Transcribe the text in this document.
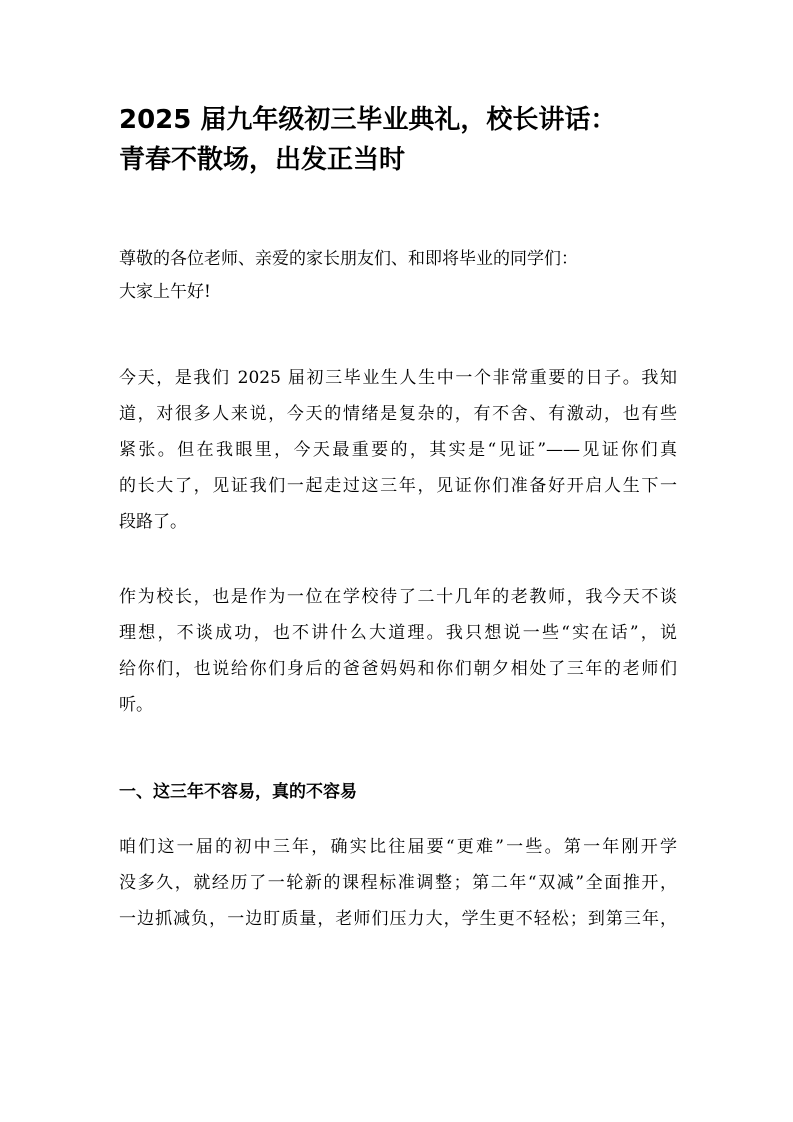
2025 届九年级初三毕业典礼，校长讲话：
青春不散场，出发正当时
尊敬的各位老师、亲爱的家长朋友们、和即将毕业的同学们：
大家上午好!
今天，是我们 2025 届初三毕业生人生中一个非常重要的日子。我知
道，对很多人来说，今天的情绪是复杂的，有不舍、有激动，也有些
紧张。但在我眼里，今天最重要的，其实是“见证”——见证你们真
的长大了，见证我们一起走过这三年，见证你们准备好开启人生下一
段路了。
作为校长，也是作为一位在学校待了二十几年的老教师，我今天不谈
理想，不谈成功，也不讲什么大道理。我只想说一些“实在话”，说
给你们，也说给你们身后的爸爸妈妈和你们朝夕相处了三年的老师们
听。
一、这三年不容易，真的不容易
咱们这一届的初中三年，确实比往届要“更难”一些。第一年刚开学
没多久，就经历了一轮新的课程标准调整；第二年“双减”全面推开，
一边抓减负，一边盯质量，老师们压力大，学生更不轻松；到第三年，
